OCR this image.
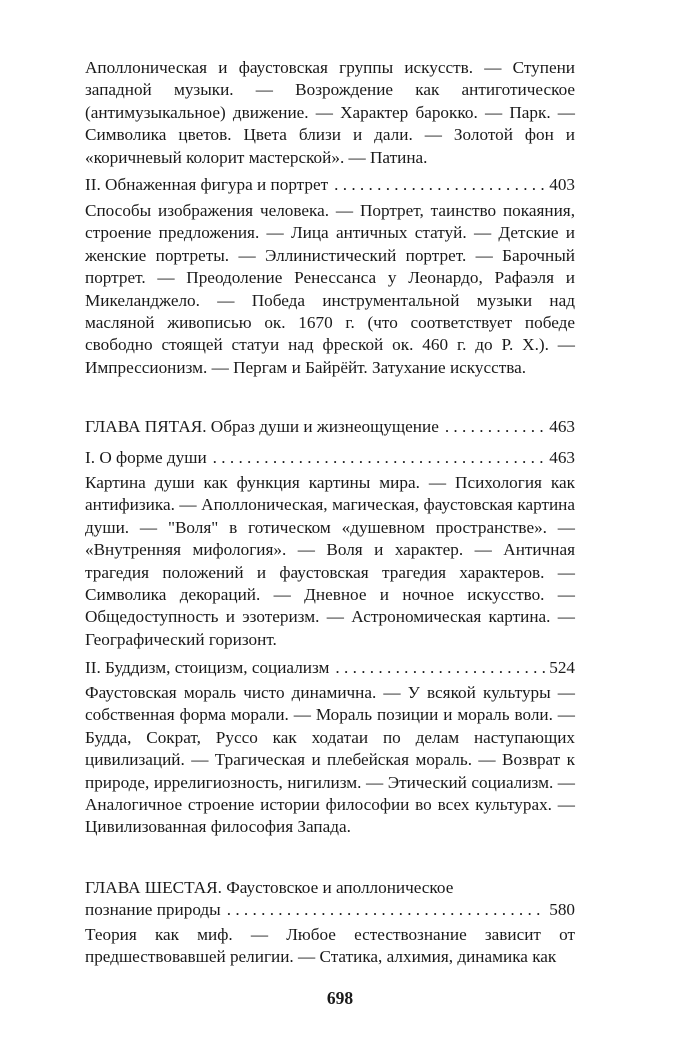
Аполлоническая и фаустовская группы искусств. — Ступени западной музыки. — Возрождение как антиготическое (антимузыкальное) движение. — Характер барокко. — Парк. — Символика цветов. Цвета близи и дали. — Золотой фон и «коричневый колорит мастерской». — Патина.

II. Обнаженная фигура и портрет . . .	403

Способы изображения человека. — Портрет, таинство покаяния, строение предложения. — Лица античных статуй. — Детские и женские портреты. — Эллинистический портрет. — Барочный портрет. — Преодоление Ренессанса у Леонардо, Рафаэля и Микеланджело. — Победа инструментальной музыки над масляной живописью ок. 1670 г. (что соответствует победе свободно стоящей статуи над фреской ок. 460 г. до Р. Х.). — Импрессионизм. — Пергам и Байрёйт. Затухание искусства.

ГЛАВА ПЯТАЯ. Образ души и жизнеощущение . . .	463
I. О форме души . . .	463

Картина души как функция картины мира. — Психология как антифизика. — Аполлоническая, магическая, фаустовская картина души. — "Воля" в готическом «душевном пространстве». — «Внутренняя мифология». — Воля и характер. — Античная трагедия положений и фаустовская трагедия характеров. — Символика декораций. — Дневное и ночное искусство. — Общедоступность и эзотеризм. — Астрономическая картина. — Географический горизонт.

II. Буддизм, стоицизм, социализм . . .	524

Фаустовская мораль чисто динамична. — У всякой культуры — собственная форма морали. — Мораль позиции и мораль воли. — Будда, Сократ, Руссо как ходатаи по делам наступающих цивилизаций. — Трагическая и плебейская мораль. — Возврат к природе, иррелигиозность, нигилизм. — Этический социализм. — Аналогичное строение истории философии во всех культурах. — Цивилизованная философия Запада.

ГЛАВА ШЕСТАЯ. Фаустовское и аполлоническое

познание природы . . .	580

Теория как миф. — Любое естествознание зависит от предшествовавшей религии. — Статика, алхимия, динамика как

698
